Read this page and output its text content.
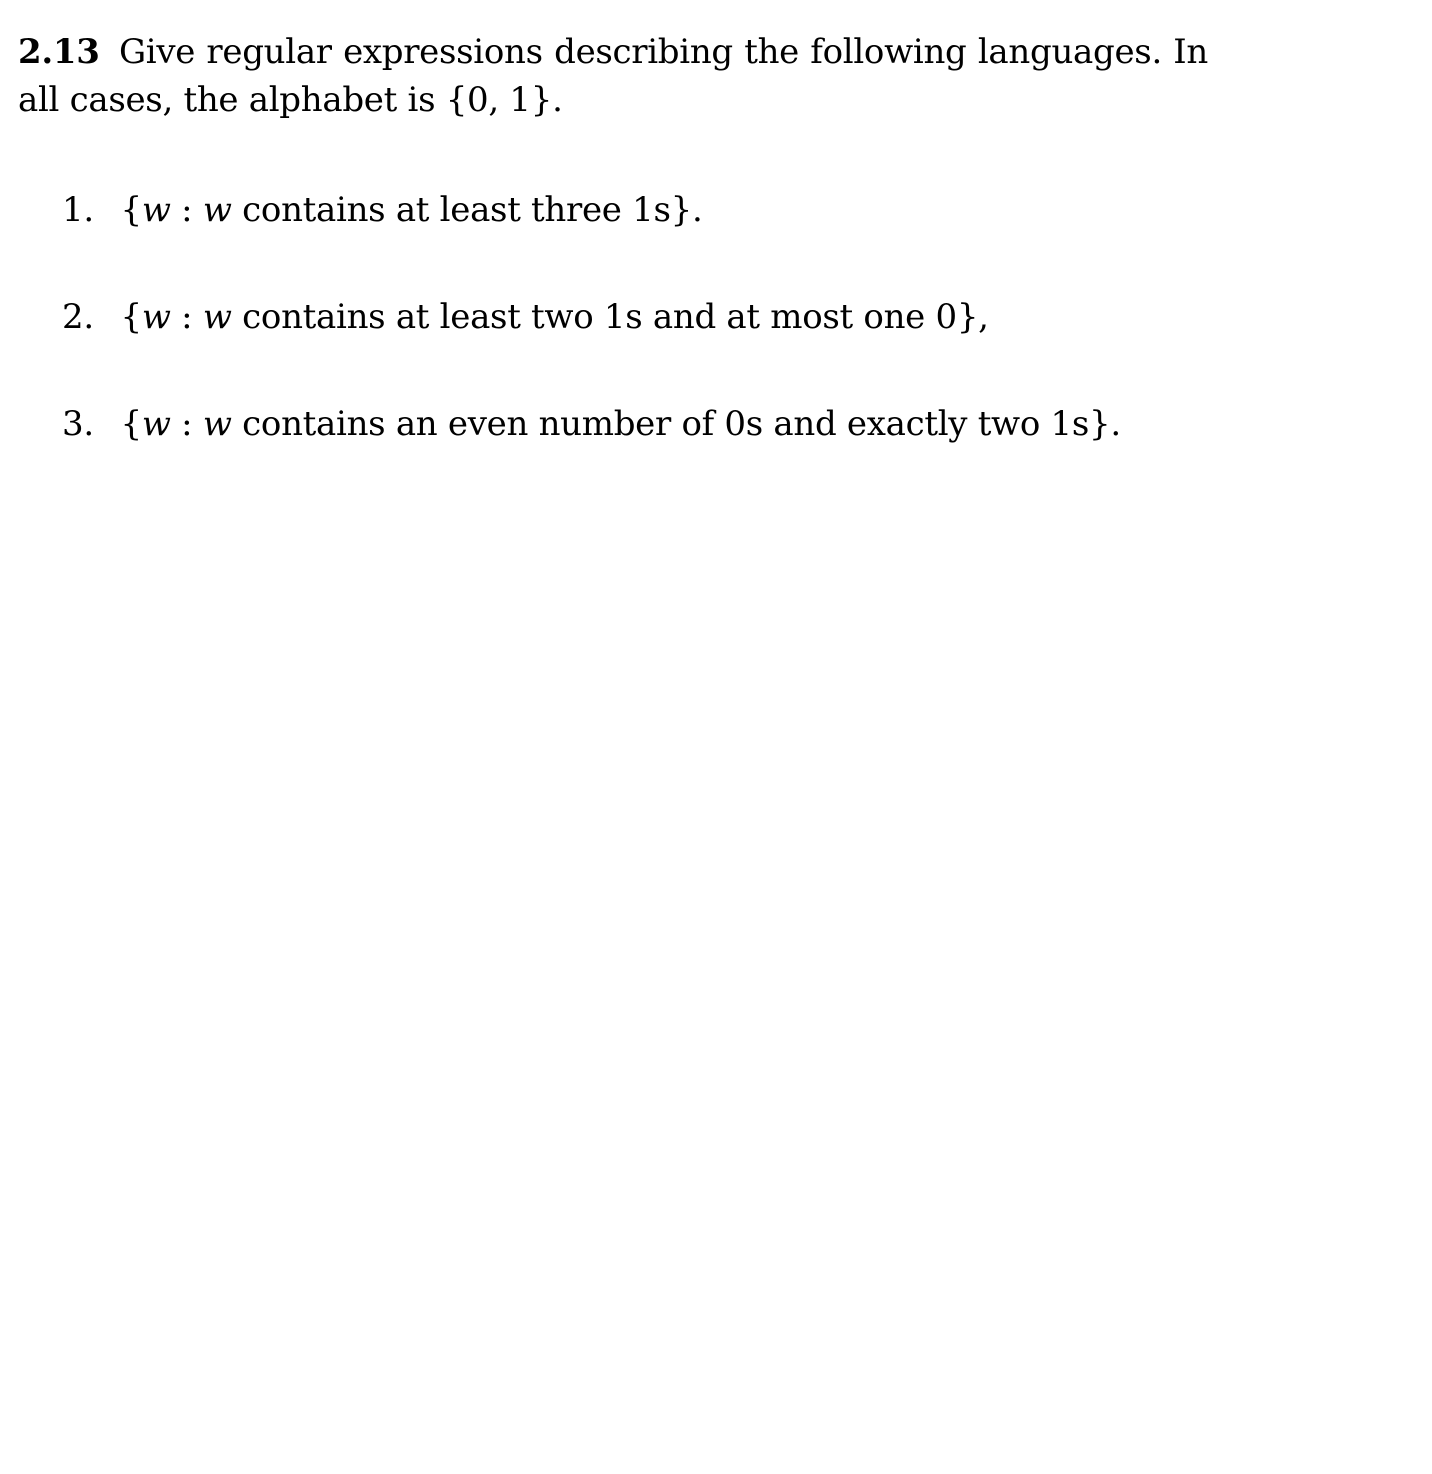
2.13 Give regular expressions describing the following languages. In all cases, the alphabet is {0, 1}.
1. {w : w contains at least three 1s}.
2. {w : w contains at least two 1s and at most one 0},
3. {w : w contains an even number of 0s and exactly two 1s}.
